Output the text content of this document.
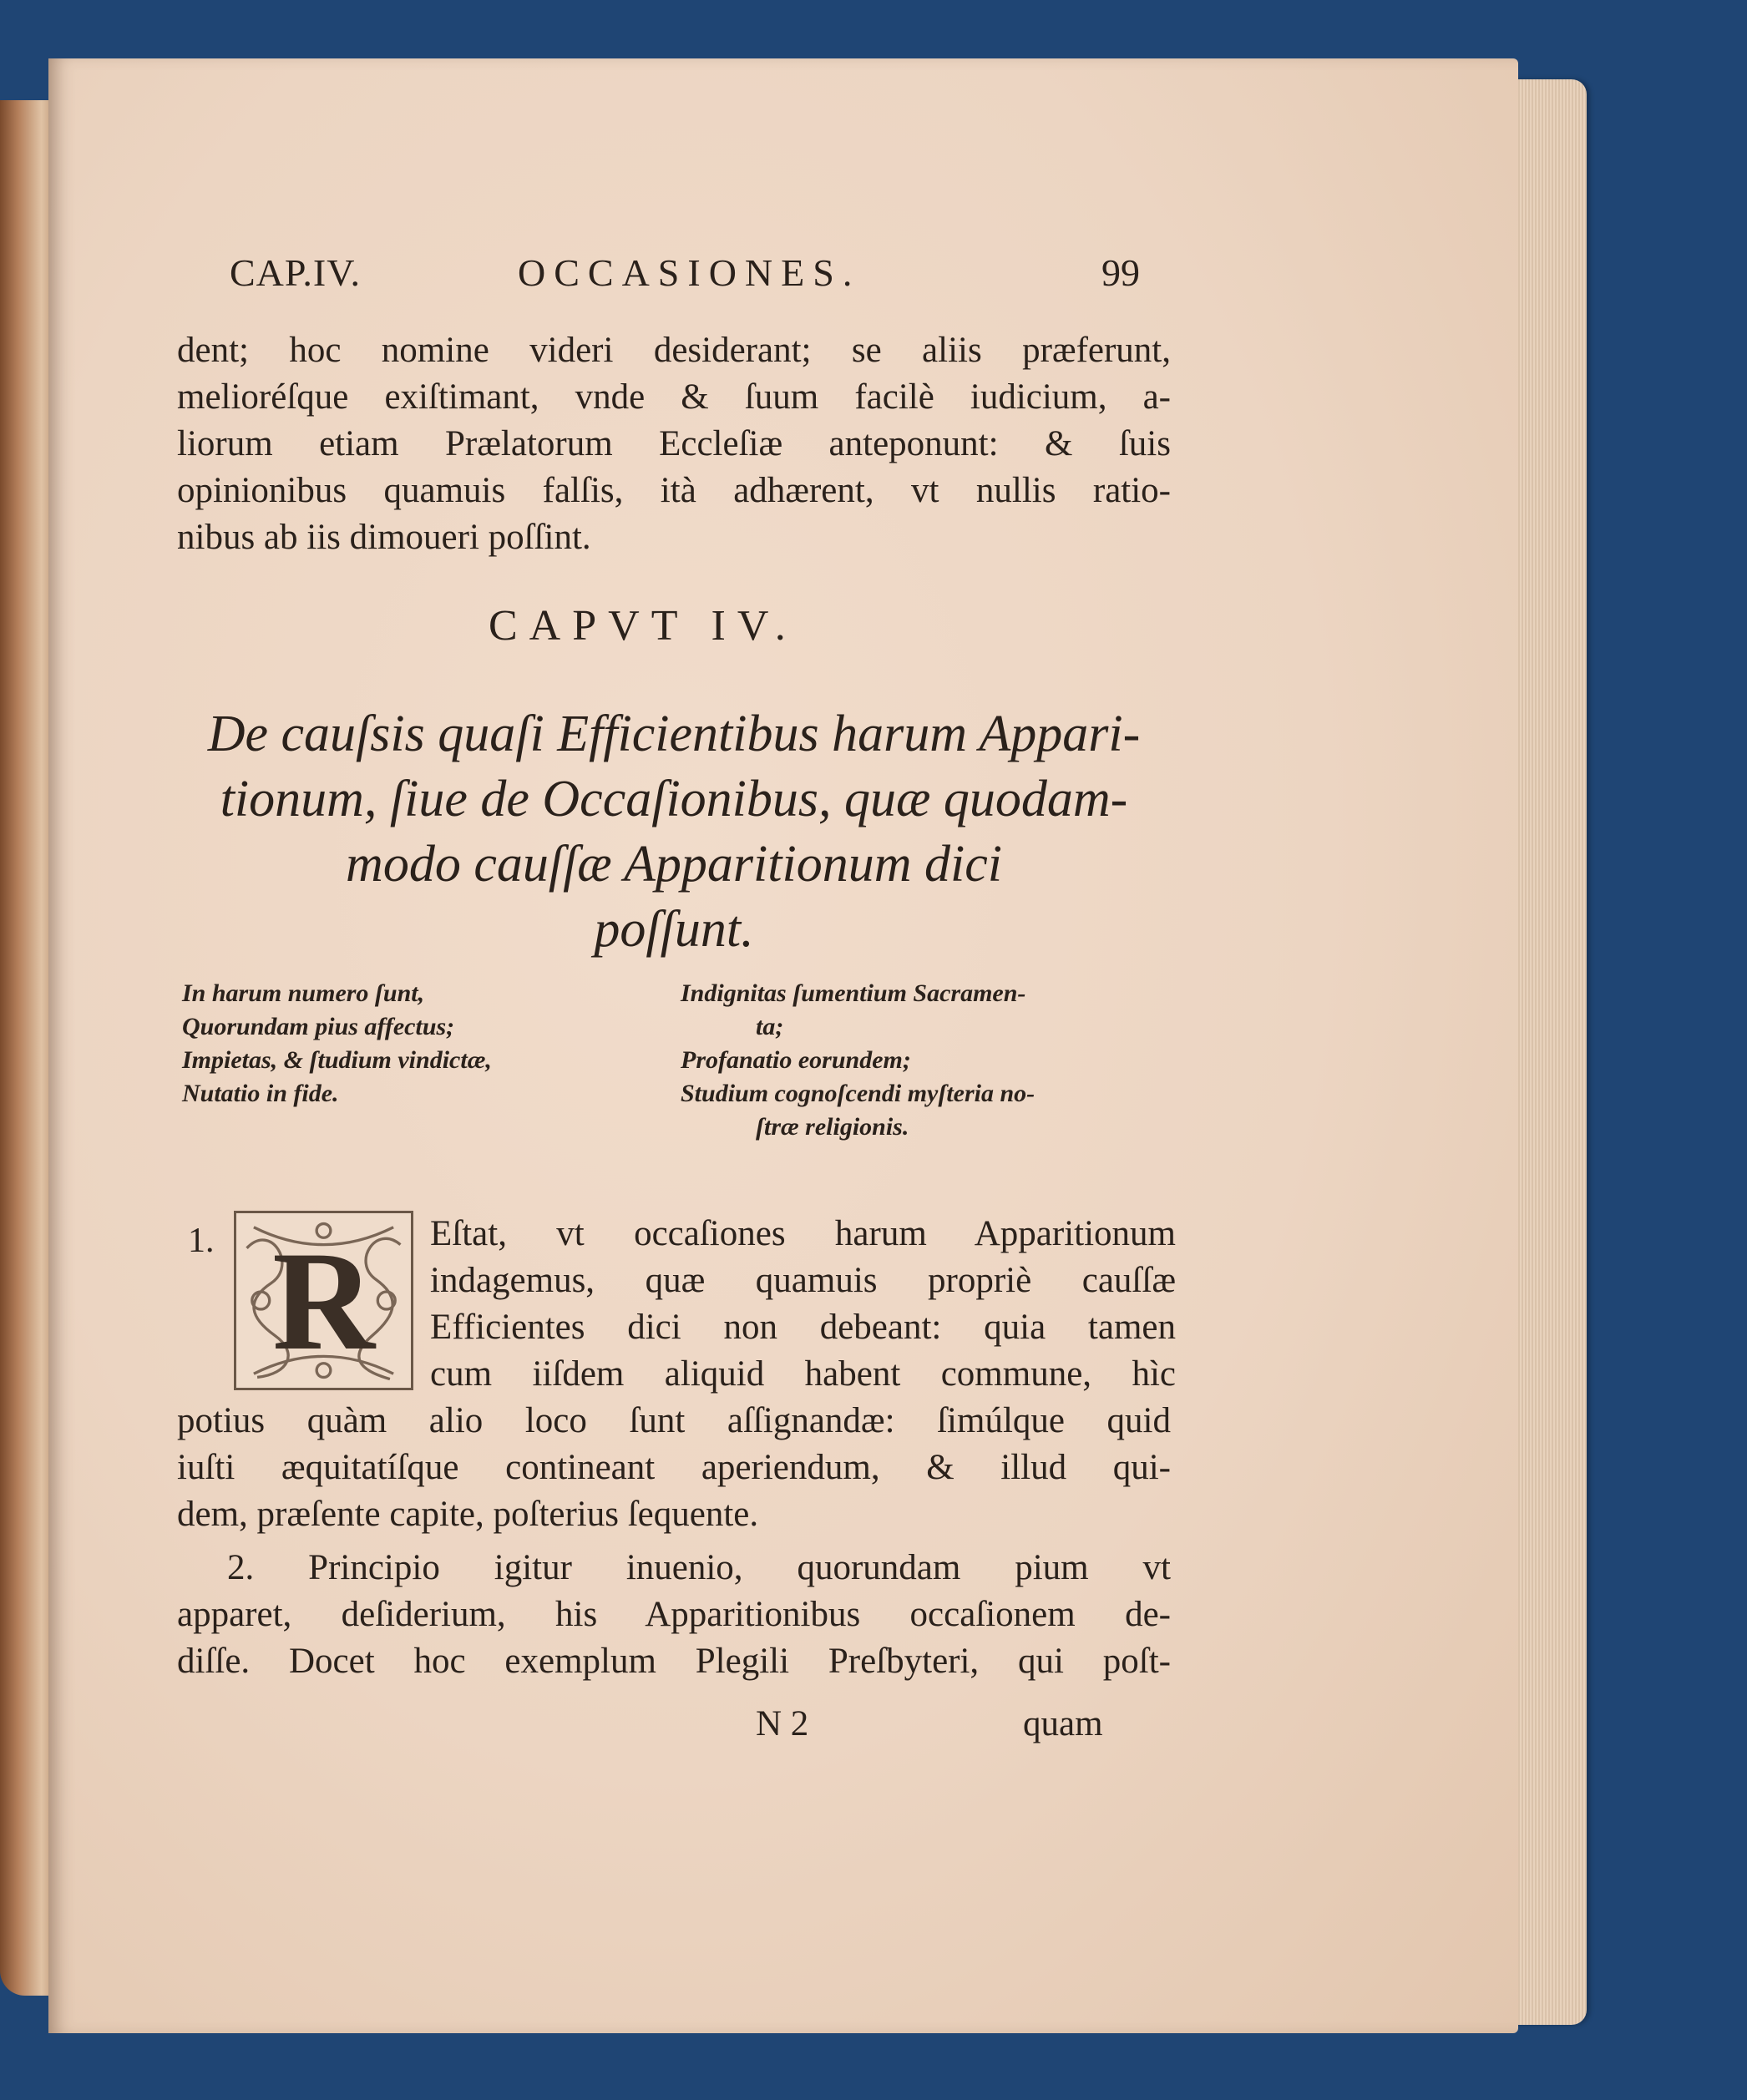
CAP.IV.	OCCASIONES.	99

dent; hoc nomine videri desiderant; se aliis præferunt,
melioréſque exiſtimant, vnde & ſuum facilè iudicium, a-
liorum etiam Prælatorum Eccleſiæ anteponunt: & ſuis
opinionibus quamuis falſis, ità adhærent, vt nullis ratio-
nibus ab iis dimoueri poſſint.

CAPVT IV.
De cauſsis quaſi Efficientibus harum Appari-
tionum, ſiue de Occaſionibus, quæ quodam-
modo cauſſæ Apparitionum dici
poſſunt.
In harum numero ſunt,
Quorundam pius affectus;
Impietas, & ſtudium vindictæ,
Nutatio in fide.
Indignitas ſumentium Sacramen-
ta;
Profanatio eorundem;
Studium cognoſcendi myſteria no-
ſtræ religionis.
1. R	Eſtat, vt occaſiones harum Apparitionum
indagemus, quæ quamuis propriè cauſſæ
Efficientes dici non debeant: quia tamen
cum iiſdem aliquid habent commune, hìc

potius quàm alio loco ſunt aſſignandæ: ſimúlque quid
iuſti æquitatíſque contineant aperiendum, & illud qui-
dem, præſente capite, poſterius ſequente.

2. Principio igitur inuenio, quorundam pium vt
apparet, deſiderium, his Apparitionibus occaſionem de-
diſſe. Docet hoc exemplum Plegili Preſbyteri, qui poſt-

N 2	quam
